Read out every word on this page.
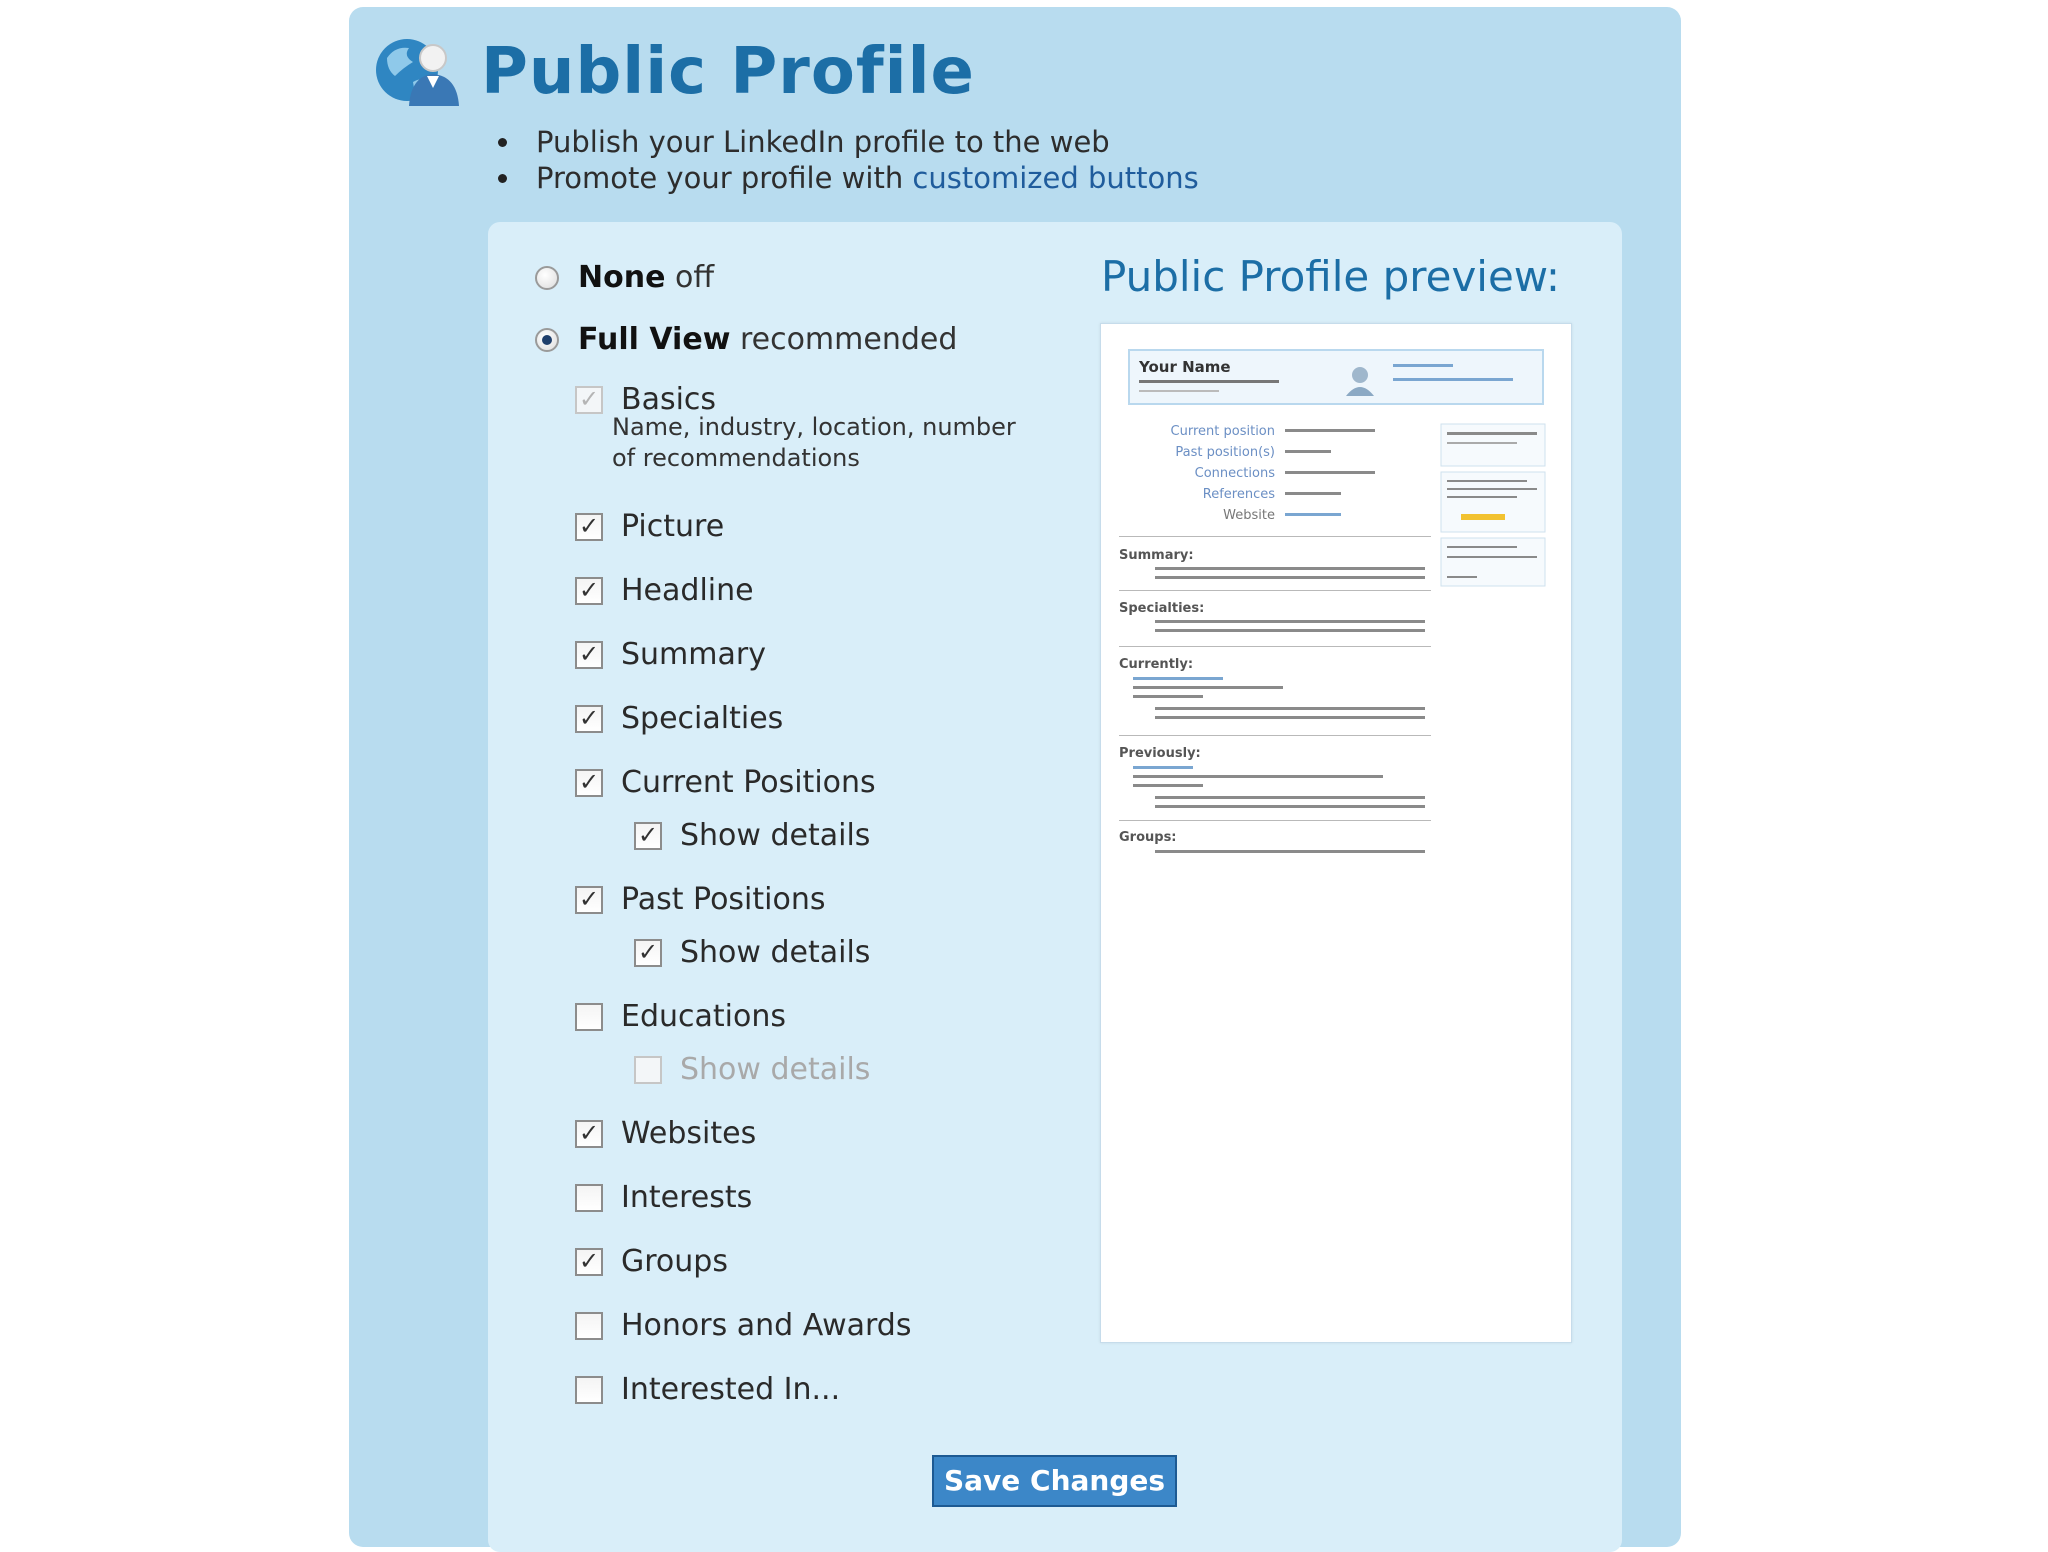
Public Profile
Publish your LinkedIn profile to the web
Promote your profile with customized buttons
None off
Full View recommended
✓ Basics
Name, industry, location, number
of recommendations
✓ Picture
✓ Headline
✓ Summary
✓ Specialties
✓ Current Positions
✓ Show details
✓ Past Positions
✓ Show details
Educations
Show details
✓ Websites
Interests
✓ Groups
Honors and Awards
Interested In...
Public Profile preview:
Your Name
Current position
Past position(s)
Connections
References
Website
Summary:
Specialties:
Currently:
Previously:
Groups:
Save Changes
